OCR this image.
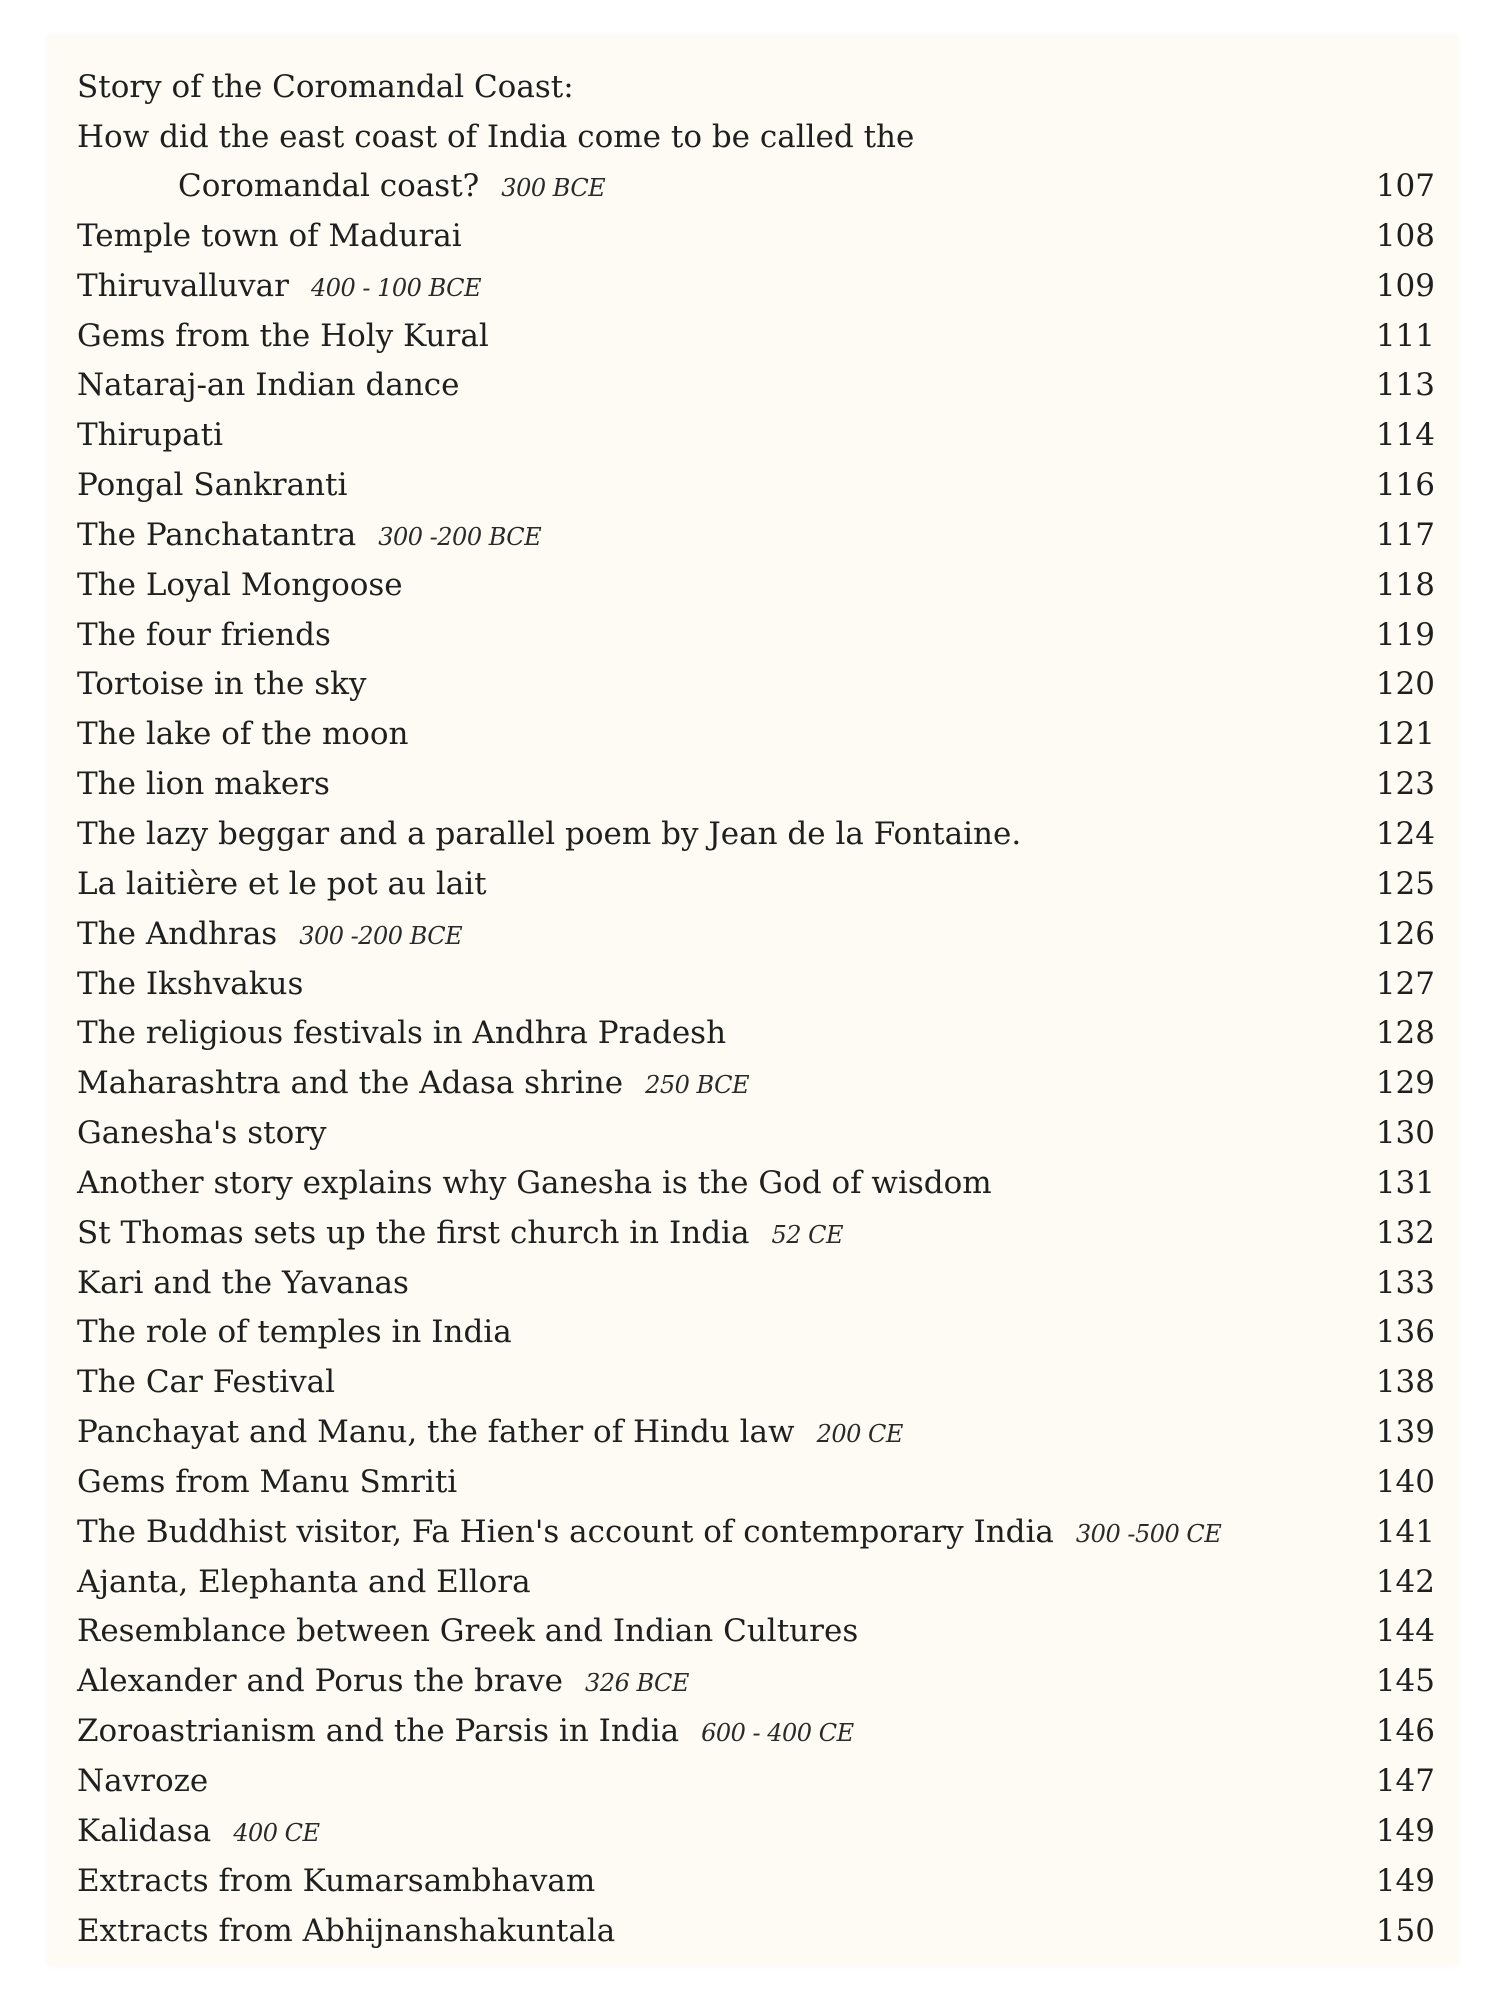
Story of the Coromandal Coast:
How did the east coast of India come to be called the
Coromandal coast? 300 BCE	107
Temple town of Madurai	108
Thiruvalluvar 400 - 100 BCE	109
Gems from the Holy Kural	111
Nataraj-an Indian dance	113
Thirupati	114
Pongal Sankranti	116
The Panchatantra 300 -200 BCE	117
The Loyal Mongoose	118
The four friends	119
Tortoise in the sky	120
The lake of the moon	121
The lion makers	123
The lazy beggar and a parallel poem by Jean de la Fontaine.	124
La laitière et le pot au lait	125
The Andhras 300 -200 BCE	126
The Ikshvakus	127
The religious festivals in Andhra Pradesh	128
Maharashtra and the Adasa shrine 250 BCE	129
Ganesha's story	130
Another story explains why Ganesha is the God of wisdom	131
St Thomas sets up the first church in India 52 CE	132
Kari and the Yavanas	133
The role of temples in India	136
The Car Festival	138
Panchayat and Manu, the father of Hindu law 200 CE	139
Gems from Manu Smriti	140
The Buddhist visitor, Fa Hien's account of contemporary India 300 -500 CE	141
Ajanta, Elephanta and Ellora	142
Resemblance between Greek and Indian Cultures	144
Alexander and Porus the brave 326 BCE	145
Zoroastrianism and the Parsis in India 600 - 400 CE	146
Navroze	147
Kalidasa 400 CE	149
Extracts from Kumarsambhavam	149
Extracts from Abhijnanshakuntala	150
